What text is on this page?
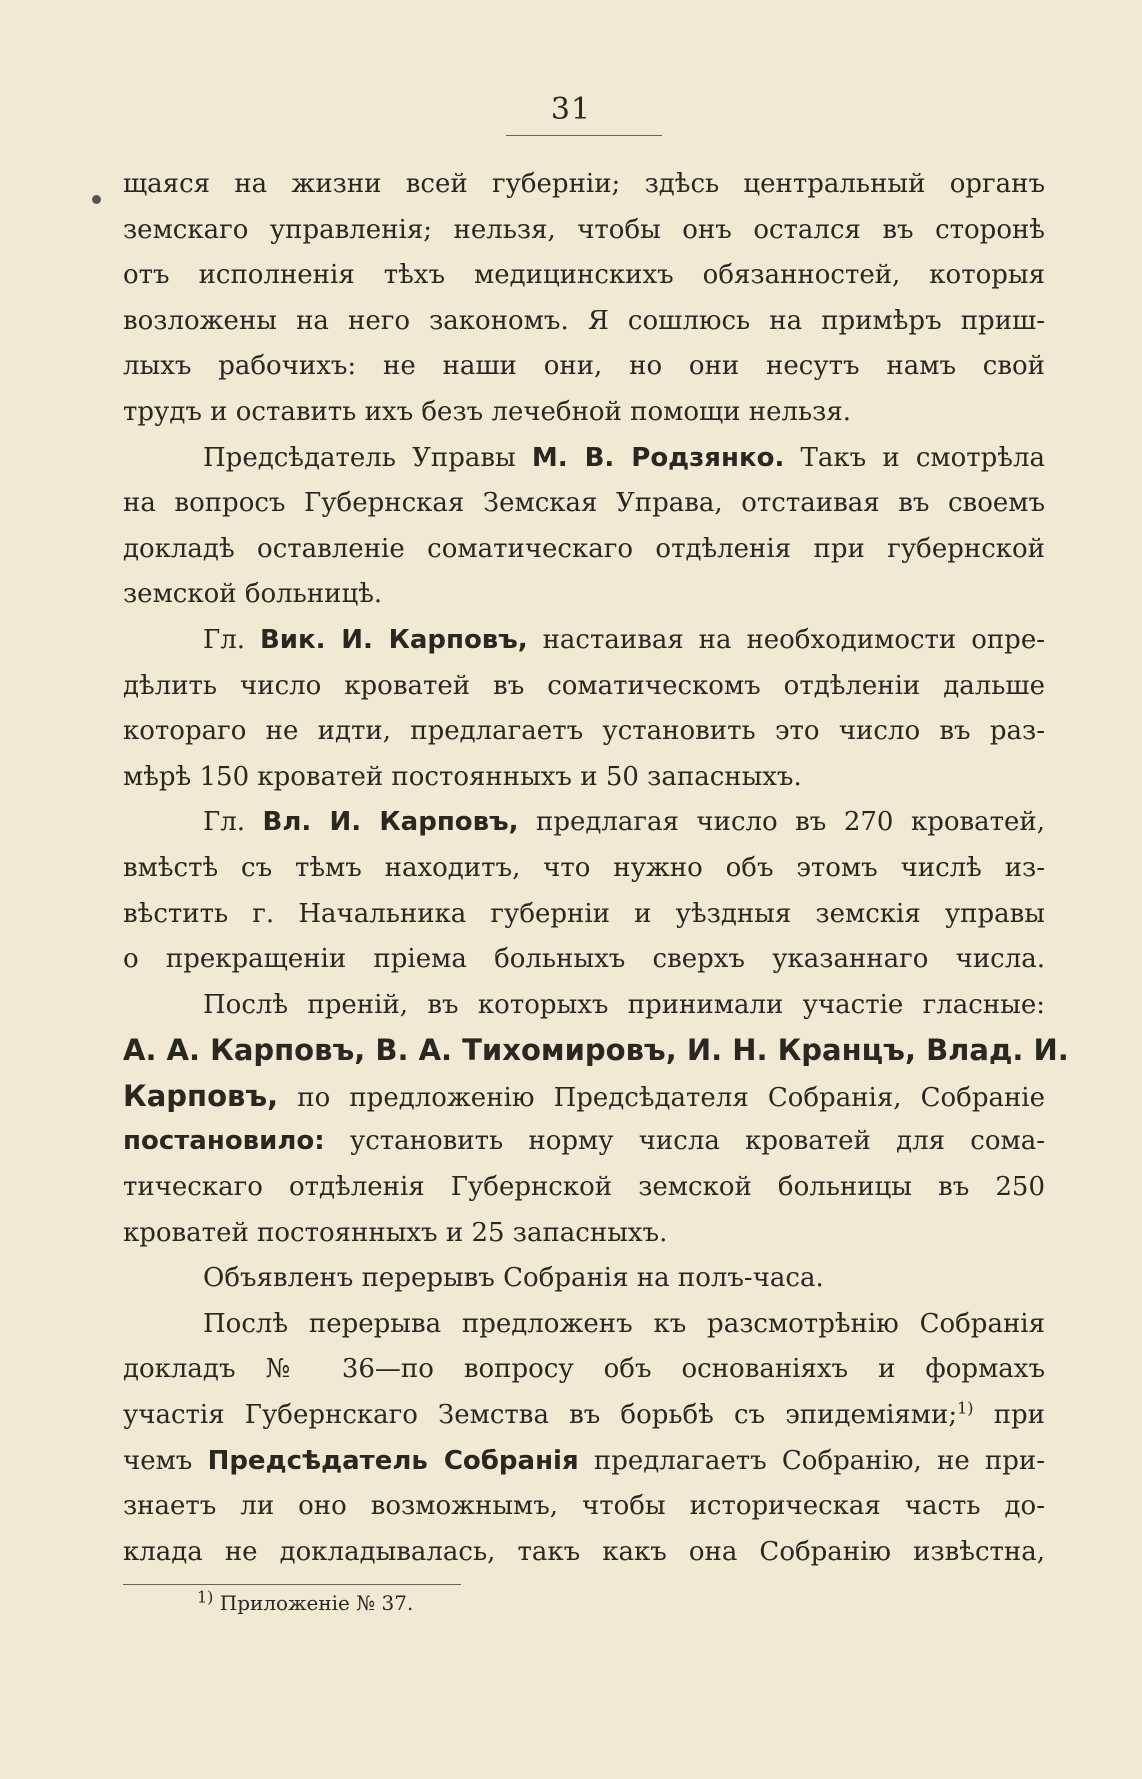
31
щаяся на жизни всей губерніи; здѣсь центральный органъ
земскаго управленія; нельзя, чтобы онъ остался въ сторонѣ
отъ исполненія тѣхъ медицинскихъ обязанностей, которыя
возложены на него закономъ. Я сошлюсь на примѣръ приш-
лыхъ рабочихъ: не наши они, но они несутъ намъ свой
трудъ и оставить ихъ безъ лечебной помощи нельзя.
Предсѣдатель Управы М. В. Родзянко. Такъ и смотрѣла
на вопросъ Губернская Земская Управа, отстаивая въ своемъ
докладѣ оставленіе соматическаго отдѣленія при губернской
земской больницѣ.
Гл. Вик. И. Карповъ, настаивая на необходимости опре-
дѣлить число кроватей въ соматическомъ отдѣленіи дальше
котораго не идти, предлагаетъ установить это число въ раз-
мѣрѣ 150 кроватей постоянныхъ и 50 запасныхъ.
Гл. Вл. И. Карповъ, предлагая число въ 270 кроватей,
вмѣстѣ съ тѣмъ находитъ, что нужно объ этомъ числѣ из-
вѣстить г. Начальника губерніи и уѣздныя земскія управы
о прекращеніи пріема больныхъ сверхъ указаннаго числа.
Послѣ преній, въ которыхъ принимали участіе гласные:
А. А. Карповъ, В. А. Тихомировъ, И. Н. Кранцъ, Влад. И.
Карповъ, по предложенію Предсѣдателя Собранія, Собраніе
постановило: установить норму числа кроватей для сома-
тическаго отдѣленія Губернской земской больницы въ 250
кроватей постоянныхъ и 25 запасныхъ.
Объявленъ перерывъ Собранія на полъ-часа.
Послѣ перерыва предложенъ къ разсмотрѣнію Собранія
докладъ № 36—по вопросу объ основаніяхъ и формахъ
участія Губернскаго Земства въ борьбѣ съ эпидеміями;$^{1)}$ при
чемъ Предсѣдатель Собранія предлагаетъ Собранію, не при-
знаетъ ли оно возможнымъ, чтобы историческая часть до-
клада не докладывалась, такъ какъ она Собранію извѣстна,
$^{1)}$ Приложеніе № 37.
